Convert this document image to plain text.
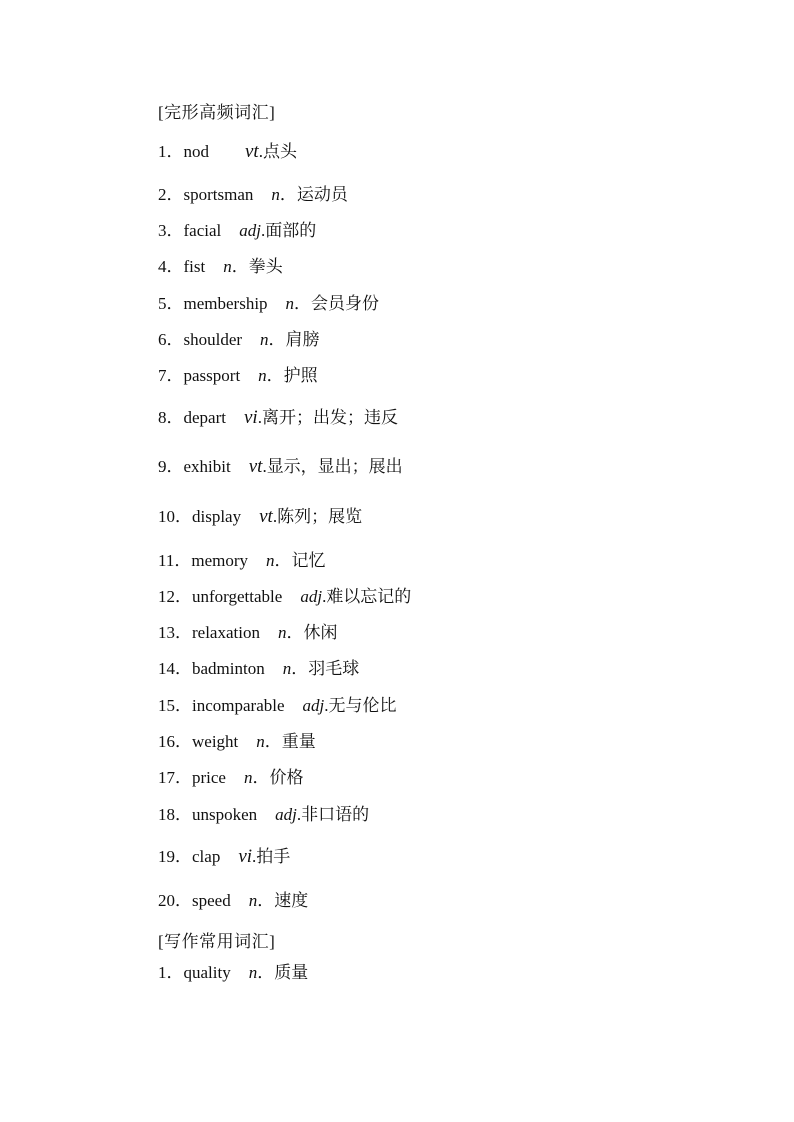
[完形高频词汇]
1．nod vt.点头
2．sportsman n．运动员
3．facial adj.面部的
4．fist n．拳头
5．membership n．会员身份
6．shoulder n．肩膀
7．passport n．护照
8．depart vi.离开；出发；违反
9．exhibit vt.显示，显出；展出
10．display vt.陈列；展览
11．memory n．记忆
12．unforgettable adj.难以忘记的
13．relaxation n．休闲
14．badminton n．羽毛球
15．incomparable adj.无与伦比
16．weight n．重量
17．price n．价格
18．unspoken adj.非口语的
19．clap vi.拍手
20．speed n．速度
[写作常用词汇]
1．quality n．质量
